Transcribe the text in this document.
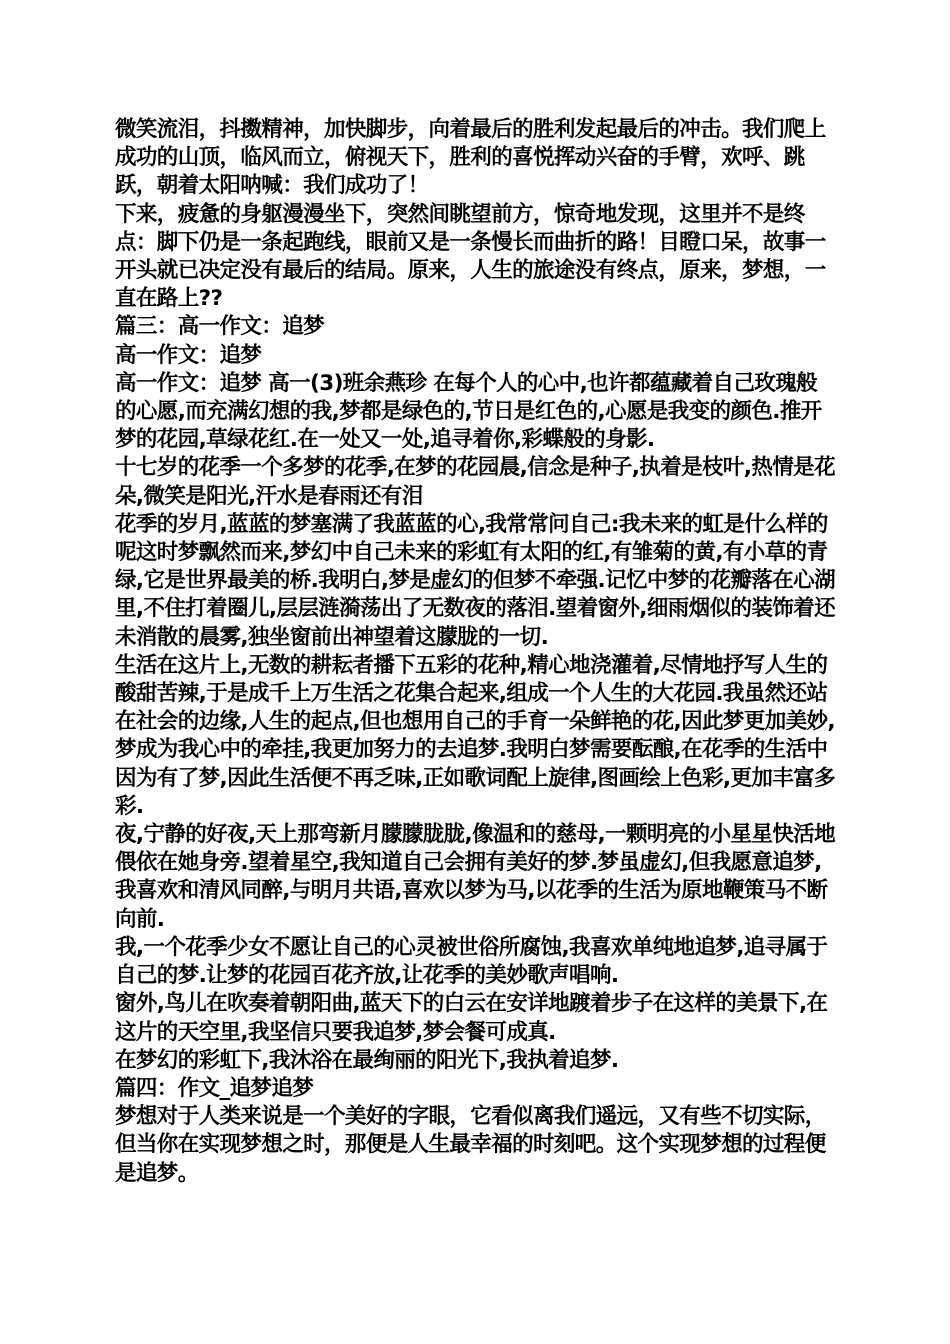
微笑流泪，抖擞精神，加快脚步，向着最后的胜利发起最后的冲击。我们爬上成功的山顶，临风而立，俯视天下，胜利的喜悦挥动兴奋的手臂，欢呼、跳跃，朝着太阳呐喊：我们成功了！

下来，疲惫的身躯漫漫坐下，突然间眺望前方，惊奇地发现，这里并不是终点：脚下仍是一条起跑线，眼前又是一条慢长而曲折的路！目瞪口呆，故事一开头就已决定没有最后的结局。原来，人生的旅途没有终点，原来，梦想，一直在路上??

篇三：高一作文：追梦

高一作文：追梦

高一作文：追梦 高一(3)班余燕珍 在每个人的心中,也许都蕴藏着自己玫瑰般的心愿,而充满幻想的我,梦都是绿色的,节日是红色的,心愿是我变的颜色.推开梦的花园,草绿花红.在一处又一处,追寻着你,彩蝶般的身影.

十七岁的花季一个多梦的花季,在梦的花园晨,信念是种子,执着是枝叶,热情是花朵,微笑是阳光,汗水是春雨还有泪

花季的岁月,蓝蓝的梦塞满了我蓝蓝的心,我常常问自己:我未来的虹是什么样的呢这时梦飘然而来,梦幻中自己未来的彩虹有太阳的红,有雏菊的黄,有小草的青绿,它是世界最美的桥.我明白,梦是虚幻的但梦不牵强.记忆中梦的花瓣落在心湖里,不住打着圈儿,层层涟漪荡出了无数夜的落泪.望着窗外,细雨烟似的装饰着还未消散的晨雾,独坐窗前出神望着这朦胧的一切.

生活在这片上,无数的耕耘者播下五彩的花种,精心地浇灌着,尽情地抒写人生的酸甜苦辣,于是成千上万生活之花集合起来,组成一个人生的大花园.我虽然还站在社会的边缘,人生的起点,但也想用自己的手育一朵鲜艳的花,因此梦更加美妙,梦成为我心中的牵挂,我更加努力的去追梦.我明白梦需要酝酿,在花季的生活中因为有了梦,因此生活便不再乏味,正如歌词配上旋律,图画绘上色彩,更加丰富多彩.

夜,宁静的好夜,天上那弯新月朦朦胧胧,像温和的慈母,一颗明亮的小星星快活地偎依在她身旁.望着星空,我知道自己会拥有美好的梦.梦虽虚幻,但我愿意追梦,我喜欢和清风同醉,与明月共语,喜欢以梦为马,以花季的生活为原地鞭策马不断向前.

我,一个花季少女不愿让自己的心灵被世俗所腐蚀,我喜欢单纯地追梦,追寻属于自己的梦.让梦的花园百花齐放,让花季的美妙歌声唱响.

窗外,鸟儿在吹奏着朝阳曲,蓝天下的白云在安详地踱着步子在这样的美景下,在这片的天空里,我坚信只要我追梦,梦会餐可成真.

在梦幻的彩虹下,我沐浴在最绚丽的阳光下,我执着追梦.

篇四：作文_追梦追梦

梦想对于人类来说是一个美好的字眼，它看似离我们遥远，又有些不切实际，但当你在实现梦想之时，那便是人生最幸福的时刻吧。这个实现梦想的过程便是追梦。
